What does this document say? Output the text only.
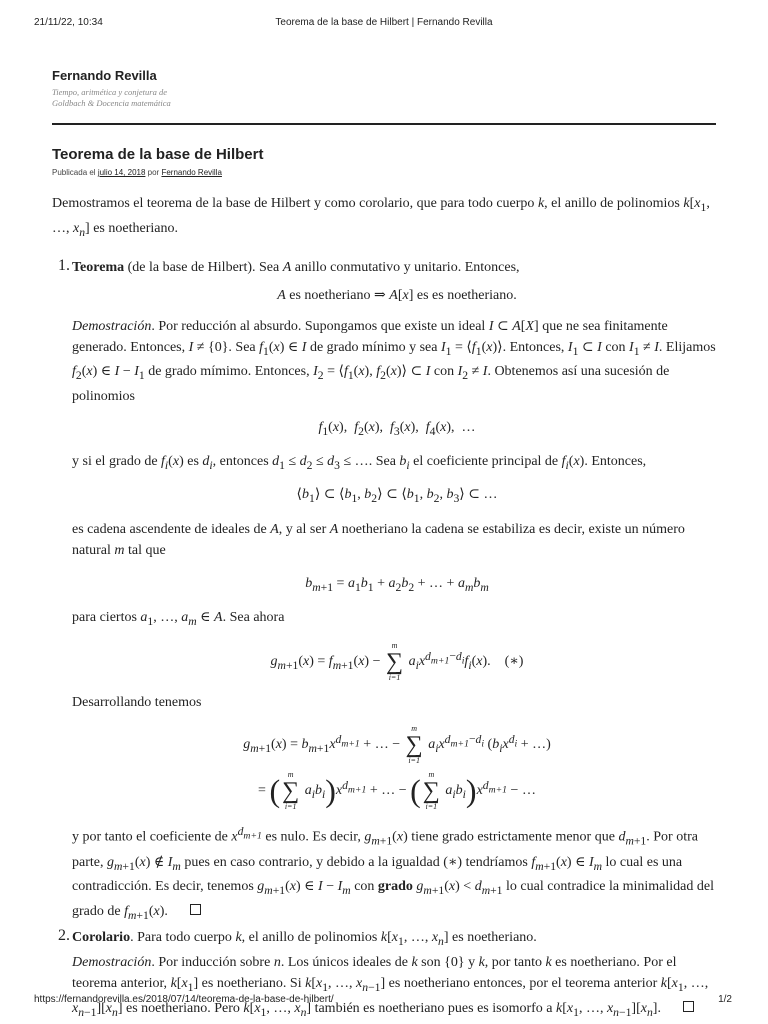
21/11/22, 10:34	Teorema de la base de Hilbert | Fernando Revilla
Fernando Revilla
Tiempo, aritmética y conjetura de Goldbach & Docencia matemática
Teorema de la base de Hilbert
Publicada el julio 14, 2018 por Fernando Revilla

Demostramos el teorema de la base de Hilbert y como corolario, que para todo cuerpo k, el anillo de polinomios $k[x_1$, …, $x_n$] es noetheriano.

1. Teorema (de la base de Hilbert). Sea A anillo conmutativo y unitario. Entonces,

A es noetheriano ⇒ A[x] es es noetheriano.

Demostración. Por reducción al absurdo. Supongamos que existe un ideal I ⊂ A[X] que ne sea finitamente generado. Entonces, I ≠ {0}. Sea $f_1(x)$ ∈ I de grado mínimo y sea $I_1$ = $⟨f_1(x)⟩$. Entonces, $I_1$ ⊂ I con $I_1 \ne I$. Elijamos $f_2(x)$ ∈ $I - I_1$ de grado mímimo. Entonces, $I_2$ = $⟨f_1(x)$, $f_2(x)⟩$ ⊂ I con $I_2 \ne I$. Obtenemos así una sucesión de polinomios

$f_1(x)$,  $f_2(x)$,  $f_3(x)$,  $f_4(x)$,  …

y si el grado de $f_i(x)$ es $d_i$, entonces $d_1 \le d_2 \le d_3$ ≤ …. Sea $b_i$ el coeficiente principal de $f_i(x)$. Entonces,

$⟨b_1⟩$ ⊂ $⟨b_1$, $b_2⟩$ ⊂ $⟨b_1$, $b_2$, $b_3⟩$ ⊂ …

es cadena ascendente de ideales de A, y al ser A noetheriano la cadena se estabiliza es decir, existe un número natural m tal que

$b_{m+1} = a_1b_1 + a_2b_2$ + … + $a_mb_m$

para ciertos $a_1$, …, $a_m$ ∈ A. Sea ahora

$g_{m+1}(x) = f_{m+1}(x)$ −
m
∑
i=1
$a_ix^{d_{m+1}-d_i}f_i(x)$.    (∗)

Desarrollando tenemos

$g_{m+1}(x) = b_{m+1}x^{d_{m+1}}$ + … −
m
∑
i=1
$a_ix^{d_{m+1}-d_i}$ ($b_ix^{d_i}$ + …)
= ( m
∑
i=1
$a_ib_i)x^{d_{m+1}}$ + … − ( m
∑
i=1
$a_ib_i)x^{d_{m+1}}$ − …

y por tanto el coeficiente de $x^{d_{m+1}}$ es nulo. Es decir, $g_{m+1}(x)$ tiene grado estrictamente menor que $d_{m+1}$. Por otra parte, $g_{m+1}(x)$ ∉ $I_m$ pues en caso contrario, y debido a la igualdad (∗) tendríamos $f_{m+1}(x)$ ∈ $I_m$ lo cual es una contradicción. Es decir, tenemos $g_{m+1}(x)$ ∈ $I - I_m$ con grado $g_{m+1}(x) < d_{m+1}$ lo cual contradice la minimalidad del grado de $f_{m+1}(x)$.

2. Corolario. Para todo cuerpo k, el anillo de polinomios $k[x_1$, …, $x_n$] es noetheriano.

Demostración. Por inducción sobre n. Los únicos ideales de k son {0} y k, por tanto k es noetheriano. Por el teorema anterior, $k[x_1]$ es noetheriano. Si $k[x_1$, …, $x_{n-1}$] es noetheriano entonces, por el teorema anterior $k[x_1$, …, $x_{n-1}][x_n]$ es noetheriano. Pero $k[x_1$, …, $x_n$] también es noetheriano pues es isomorfo a $k[x_1$, …, $x_{n-1}][x_n]$.

https://fernandorevilla.es/2018/07/14/teorema-de-la-base-de-hilbert/	1/2
